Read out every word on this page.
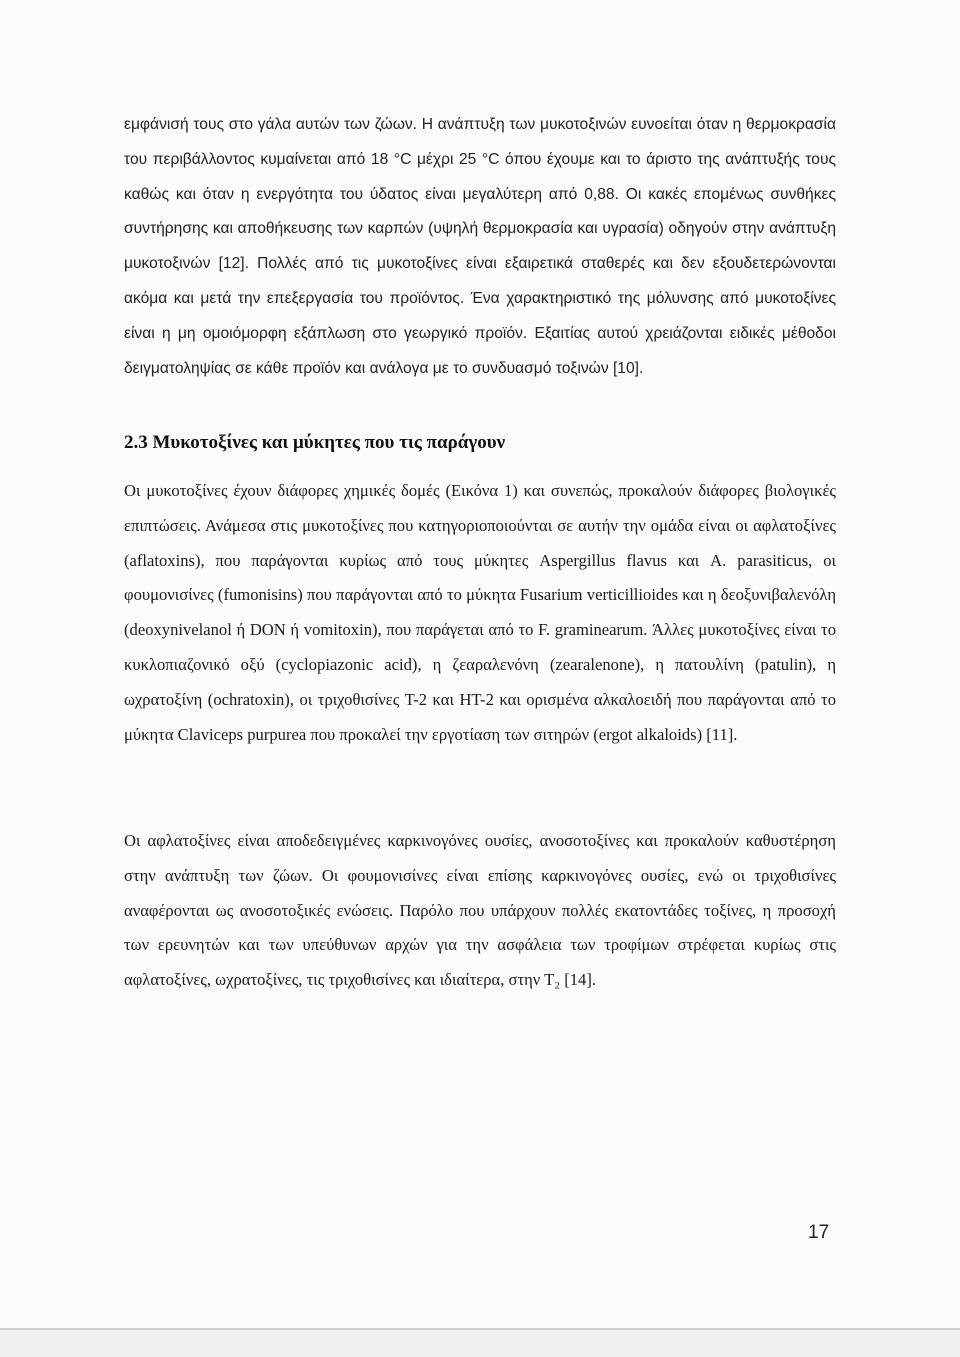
εμφάνισή τους στο γάλα αυτών των ζώων. Η ανάπτυξη των μυκοτοξινών ευνοείται όταν η θερμοκρασία του περιβάλλοντος κυμαίνεται από 18 °C μέχρι 25 °C όπου έχουμε και το άριστο της ανάπτυξής τους καθώς και όταν η ενεργότητα του ύδατος είναι μεγαλύτερη από 0,88. Οι κακές επομένως συνθήκες συντήρησης και αποθήκευσης των καρπών (υψηλή θερμοκρασία και υγρασία) οδηγούν στην ανάπτυξη μυκοτοξινών [12]. Πολλές από τις μυκοτοξίνες είναι εξαιρετικά σταθερές και δεν εξουδετερώνονται ακόμα και μετά την επεξεργασία του προϊόντος. Ένα χαρακτηριστικό της μόλυνσης από μυκοτοξίνες είναι η μη ομοιόμορφη εξάπλωση στο γεωργικό προϊόν. Εξαιτίας αυτού χρειάζονται ειδικές μέθοδοι δειγματοληψίας σε κάθε προϊόν και ανάλογα με το συνδυασμό τοξινών [10].

2.3 Μυκοτοξίνες και μύκητες που τις παράγουν

Οι μυκοτοξίνες έχουν διάφορες χημικές δομές (Εικόνα 1) και συνεπώς, προκαλούν διάφορες βιολογικές επιπτώσεις. Ανάμεσα στις μυκοτοξίνες που κατηγοριοποιούνται σε αυτήν την ομάδα είναι οι αφλατοξίνες (aflatoxins), που παράγονται κυρίως από τους μύκητες Aspergillus flavus και A. parasiticus, οι φουμονισίνες (fumonisins) που παράγονται από το μύκητα Fusarium verticillioides και η δεοξυνιβαλενόλη (deoxynivelanol ή DON ή vomitoxin), που παράγεται από το F. graminearum. Άλλες μυκοτοξίνες είναι το κυκλοπιαζονικό οξύ (cyclopiazonic acid), η ζεαραλενόνη (zearalenone), η πατουλίνη (patulin), η ωχρατοξίνη (ochratoxin), οι τριχοθισίνες Τ-2 και ΗΤ-2 και ορισμένα αλκαλοειδή που παράγονται από το μύκητα Claviceps purpurea που προκαλεί την εργοτίαση των σιτηρών (ergot alkaloids) [11].

Οι αφλατοξίνες είναι αποδεδειγμένες καρκινογόνες ουσίες, ανοσοτοξίνες και προκαλούν καθυστέρηση στην ανάπτυξη των ζώων. Οι φουμονισίνες είναι επίσης καρκινογόνες ουσίες, ενώ οι τριχοθισίνες αναφέρονται ως ανοσοτοξικές ενώσεις. Παρόλο που υπάρχουν πολλές εκατοντάδες τοξίνες, η προσοχή των ερευνητών και των υπεύθυνων αρχών για την ασφάλεια των τροφίμων στρέφεται κυρίως στις αφλατοξίνες, ωχρατοξίνες, τις τριχοθισίνες και ιδιαίτερα, στην Τ₂ [14].

17
